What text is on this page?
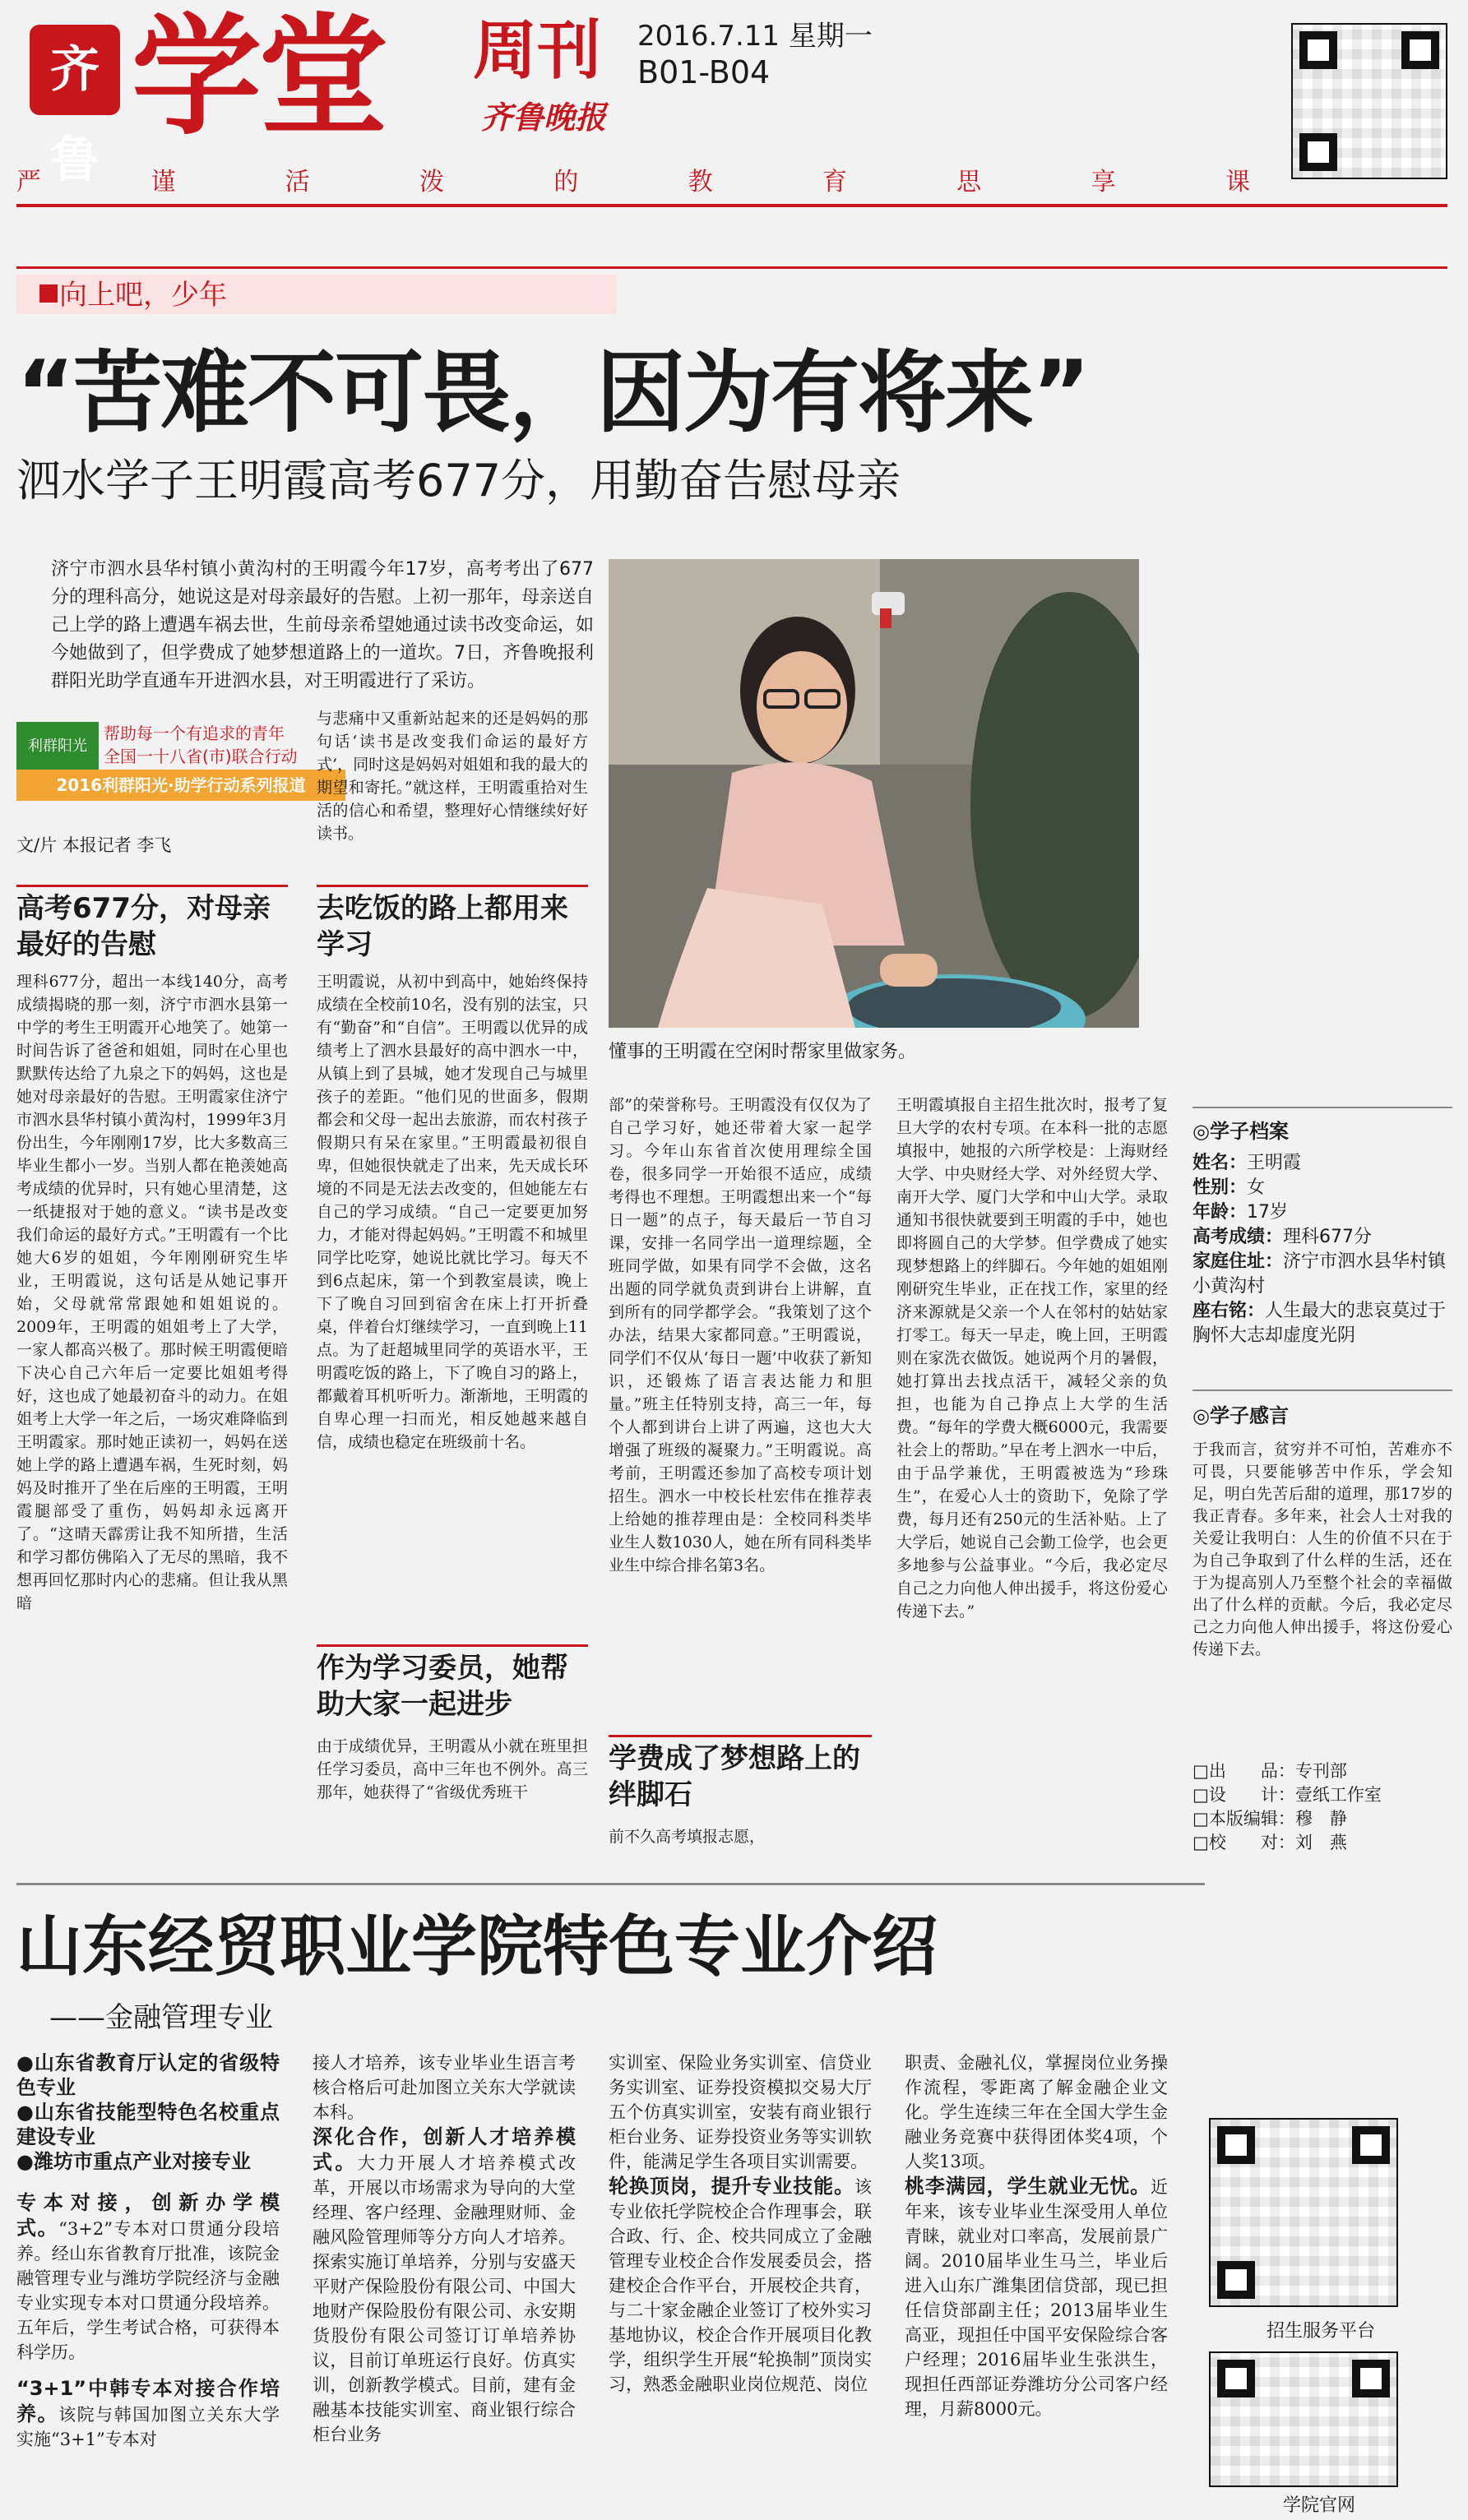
齐鲁
学堂 周刊
齐鲁晚报
2016.7.11 星期一
B01-B04
严	谨	活	泼	的	教	育	思	享	课
向上吧，少年
“苦难不可畏，因为有将来”
泗水学子王明霞高考677分，用勤奋告慰母亲
济宁市泗水县华村镇小黄沟村的王明霞今年17岁，高考考出了677分的理科高分，她说这是对母亲最好的告慰。上初一那年，母亲送自己上学的路上遭遇车祸去世，生前母亲希望她通过读书改变命运，如今她做到了，但学费成了她梦想道路上的一道坎。7日，齐鲁晚报利群阳光助学直通车开进泗水县，对王明霞进行了采访。
懂事的王明霞在空闲时帮家里做家务。
利群阳光
帮助每一个有追求的青年
全国一十八省(市)联合行动
2016利群阳光·助学行动系列报道
文/片 本报记者 李飞
高考677分，对母亲最好的告慰
理科677分，超出一本线140分，高考成绩揭晓的那一刻，济宁市泗水县第一中学的考生王明霞开心地笑了。她第一时间告诉了爸爸和姐姐，同时在心里也默默传达给了九泉之下的妈妈，这也是她对母亲最好的告慰。王明霞家住济宁市泗水县华村镇小黄沟村，1999年3月份出生，今年刚刚17岁，比大多数高三毕业生都小一岁。当别人都在艳羡她高考成绩的优异时，只有她心里清楚，这一纸捷报对于她的意义。“读书是改变我们命运的最好方式。”王明霞有一个比她大6岁的姐姐，今年刚刚研究生毕业，王明霞说，这句话是从她记事开始，父母就常常跟她和姐姐说的。2009年，王明霞的姐姐考上了大学，一家人都高兴极了。那时候王明霞便暗下决心自己六年后一定要比姐姐考得好，这也成了她最初奋斗的动力。在姐姐考上大学一年之后，一场灾难降临到王明霞家。那时她正读初一，妈妈在送她上学的路上遭遇车祸，生死时刻，妈妈及时推开了坐在后座的王明霞，王明霞腿部受了重伤，妈妈却永远离开了。“这晴天霹雳让我不知所措，生活和学习都仿佛陷入了无尽的黑暗，我不想再回忆那时内心的悲痛。但让我从黑暗
与悲痛中又重新站起来的还是妈妈的那句话‘读书是改变我们命运的最好方式’，同时这是妈妈对姐姐和我的最大的期望和寄托。”就这样，王明霞重拾对生活的信心和希望，整理好心情继续好好读书。
去吃饭的路上都用来学习
王明霞说，从初中到高中，她始终保持成绩在全校前10名，没有别的法宝，只有“勤奋”和“自信”。王明霞以优异的成绩考上了泗水县最好的高中泗水一中，从镇上到了县城，她才发现自己与城里孩子的差距。“他们见的世面多，假期都会和父母一起出去旅游，而农村孩子假期只有呆在家里。”王明霞最初很自卑，但她很快就走了出来，先天成长环境的不同是无法去改变的，但她能左右自己的学习成绩。“自己一定要更加努力，才能对得起妈妈。”王明霞不和城里同学比吃穿，她说比就比学习。每天不到6点起床，第一个到教室晨读，晚上下了晚自习回到宿舍在床上打开折叠桌，伴着台灯继续学习，一直到晚上11点。为了赶超城里同学的英语水平，王明霞吃饭的路上，下了晚自习的路上，都戴着耳机听听力。渐渐地，王明霞的自卑心理一扫而光，相反她越来越自信，成绩也稳定在班级前十名。
作为学习委员，她帮助大家一起进步
由于成绩优异，王明霞从小就在班里担任学习委员，高中三年也不例外。高三那年，她获得了“省级优秀班干
部”的荣誉称号。王明霞没有仅仅为了自己学习好，她还带着大家一起学习。今年山东省首次使用理综全国卷，很多同学一开始很不适应，成绩考得也不理想。王明霞想出来一个“每日一题”的点子，每天最后一节自习课，安排一名同学出一道理综题，全班同学做，如果有同学不会做，这名出题的同学就负责到讲台上讲解，直到所有的同学都学会。“我策划了这个办法，结果大家都同意。”王明霞说，同学们不仅从‘每日一题’中收获了新知识，还锻炼了语言表达能力和胆量。”班主任特别支持，高三一年，每个人都到讲台上讲了两遍，这也大大增强了班级的凝聚力。”王明霞说。高考前，王明霞还参加了高校专项计划招生。泗水一中校长杜宏伟在推荐表上给她的推荐理由是：全校同科类毕业生人数1030人，她在所有同科类毕业生中综合排名第3名。
学费成了梦想路上的绊脚石
前不久高考填报志愿，
王明霞填报自主招生批次时，报考了复旦大学的农村专项。在本科一批的志愿填报中，她报的六所学校是：上海财经大学、中央财经大学、对外经贸大学、南开大学、厦门大学和中山大学。录取通知书很快就要到王明霞的手中，她也即将圆自己的大学梦。但学费成了她实现梦想路上的绊脚石。今年她的姐姐刚刚研究生毕业，正在找工作，家里的经济来源就是父亲一个人在邻村的姑姑家打零工。每天一早走，晚上回，王明霞则在家洗衣做饭。她说两个月的暑假，她打算出去找点活干，减轻父亲的负担，也能为自己挣点上大学的生活费。“每年的学费大概6000元，我需要社会上的帮助。”早在考上泗水一中后，由于品学兼优，王明霞被选为“珍珠生”，在爱心人士的资助下，免除了学费，每月还有250元的生活补贴。上了大学后，她说自己会勤工俭学，也会更多地参与公益事业。“今后，我必定尽自己之力向他人伸出援手，将这份爱心传递下去。”
◎学子档案
姓名：王明霞
性别：女
年龄：17岁
高考成绩：理科677分
家庭住址：济宁市泗水县华村镇小黄沟村
座右铭：人生最大的悲哀莫过于胸怀大志却虚度光阴
◎学子感言
于我而言，贫穷并不可怕，苦难亦不可畏，只要能够苦中作乐，学会知足，明白先苦后甜的道理，那17岁的我正青春。多年来，社会人士对我的关爱让我明白：人生的价值不只在于为自己争取到了什么样的生活，还在于为提高别人乃至整个社会的幸福做出了什么样的贡献。今后，我必定尽己之力向他人伸出援手，将这份爱心传递下去。
□出　　品：专刊部
□设　　计：壹纸工作室
□本版编辑：穆　静
□校　　对：刘　燕
山东经贸职业学院特色专业介绍
——金融管理专业
●山东省教育厅认定的省级特色专业
●山东省技能型特色名校重点建设专业
●潍坊市重点产业对接专业
专本对接，创新办学模式。“3+2”专本对口贯通分段培养。经山东省教育厅批准，该院金融管理专业与潍坊学院经济与金融专业实现专本对口贯通分段培养。五年后，学生考试合格，可获得本科学历。
“3+1”中韩专本对接合作培养。该院与韩国加图立关东大学实施“3+1”专本对
接人才培养，该专业毕业生语言考核合格后可赴加图立关东大学就读本科。
深化合作，创新人才培养模式。大力开展人才培养模式改革，开展以市场需求为导向的大堂经理、客户经理、金融理财师、金融风险管理师等分方向人才培养。探索实施订单培养，分别与安盛天平财产保险股份有限公司、中国大地财产保险股份有限公司、永安期货股份有限公司签订订单培养协议，目前订单班运行良好。仿真实训，创新教学模式。目前，建有金融基本技能实训室、商业银行综合柜台业务
实训室、保险业务实训室、信贷业务实训室、证券投资模拟交易大厅五个仿真实训室，安装有商业银行柜台业务、证券投资业务等实训软件，能满足学生各项目实训需要。
轮换顶岗，提升专业技能。该专业依托学院校企合作理事会，联合政、行、企、校共同成立了金融管理专业校企合作发展委员会，搭建校企合作平台，开展校企共育，与二十家金融企业签订了校外实习基地协议，校企合作开展项目化教学，组织学生开展“轮换制”顶岗实习，熟悉金融职业岗位规范、岗位
职责、金融礼仪，掌握岗位业务操作流程，零距离了解金融企业文化。学生连续三年在全国大学生金融业务竞赛中获得团体奖4项，个人奖13项。
桃李满园，学生就业无忧。近年来，该专业毕业生深受用人单位青睐，就业对口率高，发展前景广阔。2010届毕业生马兰，毕业后进入山东广潍集团信贷部，现已担任信贷部副主任；2013届毕业生高亚，现担任中国平安保险综合客户经理；2016届毕业生张洪生，现担任西部证券潍坊分公司客户经理，月薪8000元。
招生服务平台
学院官网
